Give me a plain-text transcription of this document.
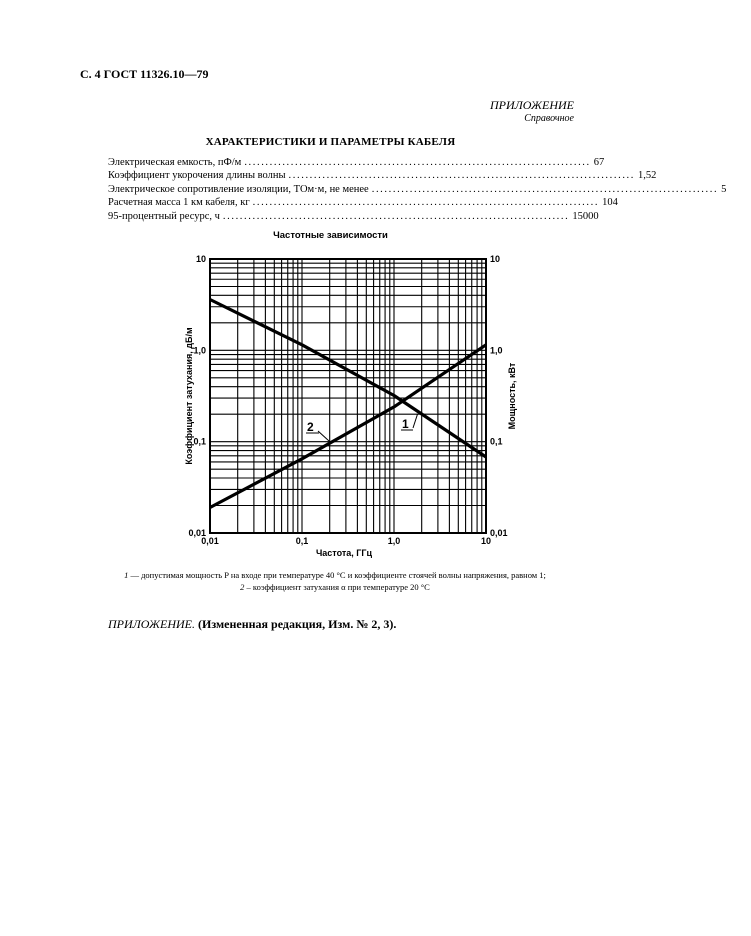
С. 4 ГОСТ 11326.10—79
ПРИЛОЖЕНИЕ
Справочное
ХАРАКТЕРИСТИКИ И ПАРАМЕТРЫ КАБЕЛЯ
Электрическая емкость, пФ/м .................................................................................. 67
Коэффициент укорочения длины волны .................................................................................. 1,52
Электрическое сопротивление изоляции, ТОм·м, не менее .................................................................................. 5
Расчетная масса 1 км кабеля, кг .................................................................................. 104
95-процентный ресурс, ч .................................................................................. 15000
Частотные зависимости
0,01	0,1	1,0	10
0,01	0,01
0,1	0,1
1,0	1,0
10	10
Частота, ГГц
Коэффициент затухания, дБ/м	Мощность, кВт
1
2
1 — допустимая мощность P на входе при температуре 40 °С и коэффициенте стоячей волны напряжения, равном 1;
2 – коэффициент затухания α при температуре 20 °С
ПРИЛОЖЕНИЕ. (Измененная редакция, Изм. № 2, 3).
